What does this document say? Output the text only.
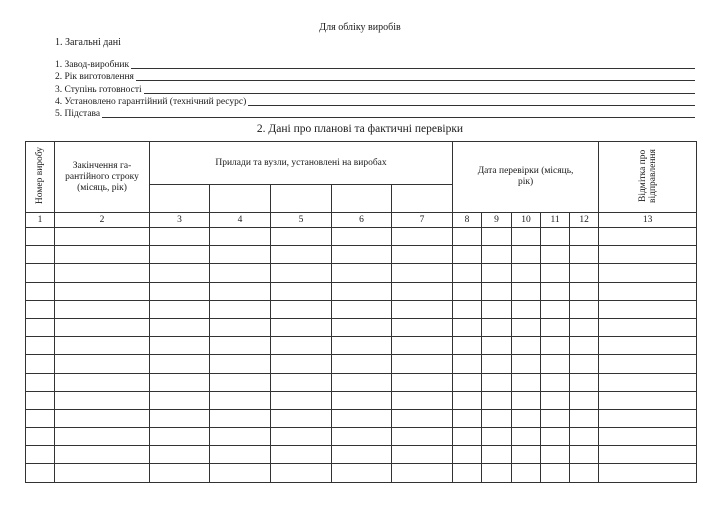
Для обліку виробів
1. Загальні дані
1. Завод-виробник
2. Рік виготовлення
3. Ступінь готовності
4. Установлено гарантійний (технічний ресурс)
5. Підстава
2. Дані про планові та фактичні перевірки
Номер виробу	Закінчення га-рантійного строку (місяць, рік)	Прилади та вузли, установлені на виробах					Дата перевірки (місяць, рік)					Відмітка про відправлення

1	2	3	4	5	6	7	8	9	10	11	12	13
